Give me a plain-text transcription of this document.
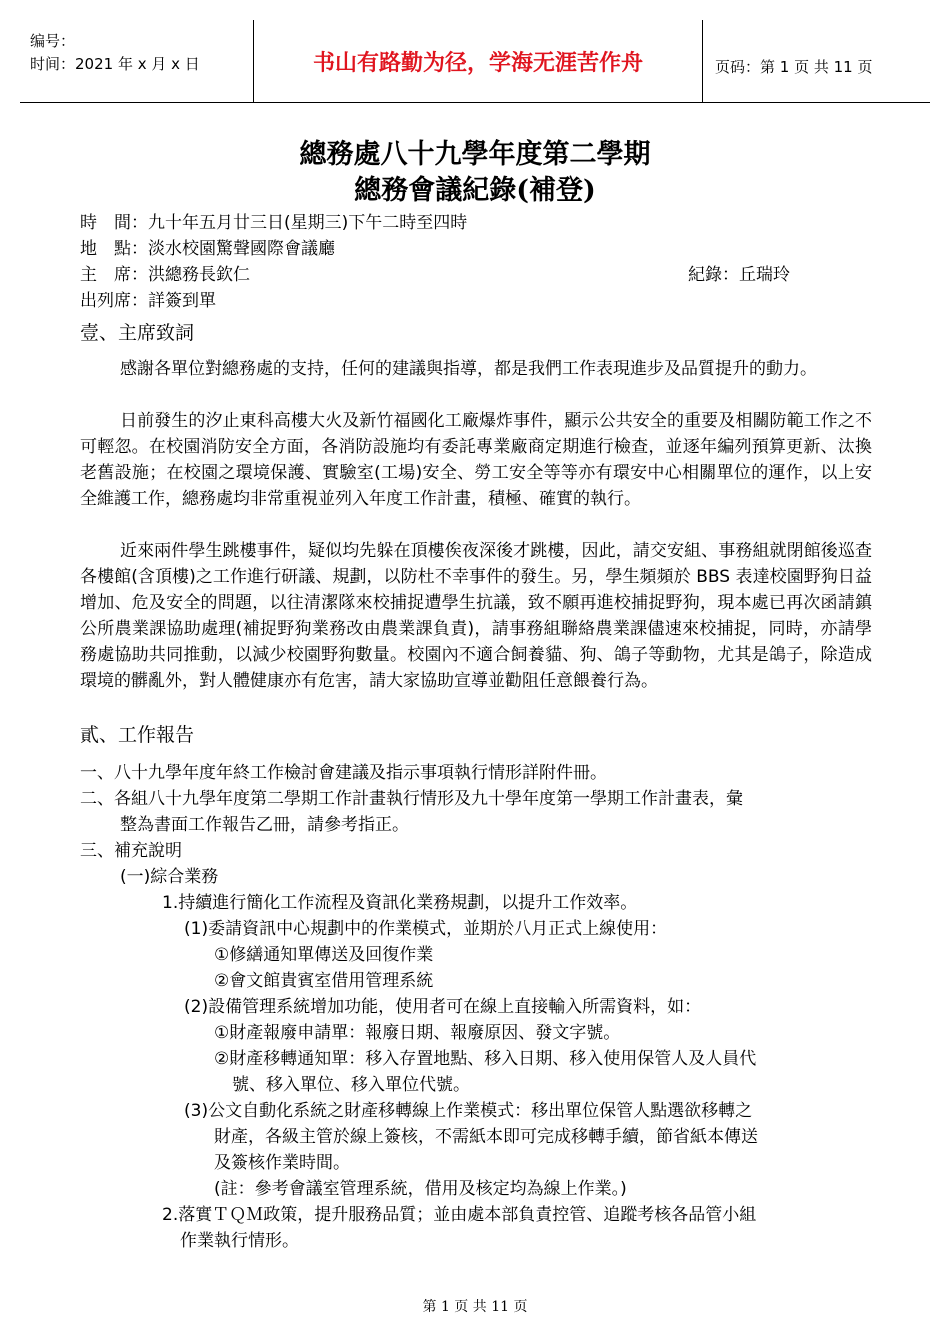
编号：
时间：2021 年 x 月 x 日	书山有路勤为径，学海无涯苦作舟	页码：第 1 页 共 11 页
總務處八十九學年度第二學期
總務會議紀錄(補登)
時　間：九十年五月廿三日(星期三)下午二時至四時
地　點：淡水校園驚聲國際會議廳
主　席：洪總務長欽仁	紀錄：丘瑞玲
出列席：詳簽到單
壹、主席致詞

感謝各單位對總務處的支持，任何的建議與指導，都是我們工作表現進步及品質提升的動力。

日前發生的汐止東科高樓大火及新竹福國化工廠爆炸事件，顯示公共安全的重要及相關防範工作之不可輕忽。在校園消防安全方面，各消防設施均有委託專業廠商定期進行檢查，並逐年編列預算更新、汰換老舊設施；在校園之環境保護、實驗室(工場)安全、勞工安全等等亦有環安中心相關單位的運作，以上安全維護工作，總務處均非常重視並列入年度工作計畫，積極、確實的執行。

近來兩件學生跳樓事件，疑似均先躲在頂樓俟夜深後才跳樓，因此，請交安組、事務組就閉館後巡查各樓館(含頂樓)之工作進行研議、規劃，以防杜不幸事件的發生。另，學生頻頻於 BBS 表達校園野狗日益增加、危及安全的問題，以往清潔隊來校捕捉遭學生抗議，致不願再進校捕捉野狗，現本處已再次函請鎮公所農業課協助處理(補捉野狗業務改由農業課負責)，請事務組聯絡農業課儘速來校捕捉，同時，亦請學務處協助共同推動，以減少校園野狗數量。校園內不適合飼養貓、狗、鴿子等動物，尤其是鴿子，除造成環境的髒亂外，對人體健康亦有危害，請大家協助宣導並勸阻任意餵養行為。

貳、工作報告
一、八十九學年度年終工作檢討會建議及指示事項執行情形詳附件冊。
二、各組八十九學年度第二學期工作計畫執行情形及九十學年度第一學期工作計畫表，彙
整為書面工作報告乙冊，請參考指正。
三、補充說明
(一)綜合業務
1.持續進行簡化工作流程及資訊化業務規劃，以提升工作效率。
(1)委請資訊中心規劃中的作業模式，並期於八月正式上線使用：
①修繕通知單傳送及回復作業
②會文館貴賓室借用管理系統
(2)設備管理系統增加功能，使用者可在線上直接輸入所需資料，如：
①財產報廢申請單：報廢日期、報廢原因、發文字號。
②財產移轉通知單：移入存置地點、移入日期、移入使用保管人及人員代
號、移入單位、移入單位代號。
(3)公文自動化系統之財產移轉線上作業模式：移出單位保管人點選欲移轉之
財產，各級主管於線上簽核，不需紙本即可完成移轉手續，節省紙本傳送
及簽核作業時間。
(註：參考會議室管理系統，借用及核定均為線上作業。)
2.落實ＴＱＭ政策，提升服務品質；並由處本部負責控管、追蹤考核各品管小組
作業執行情形。
第 1 页 共 11 页
